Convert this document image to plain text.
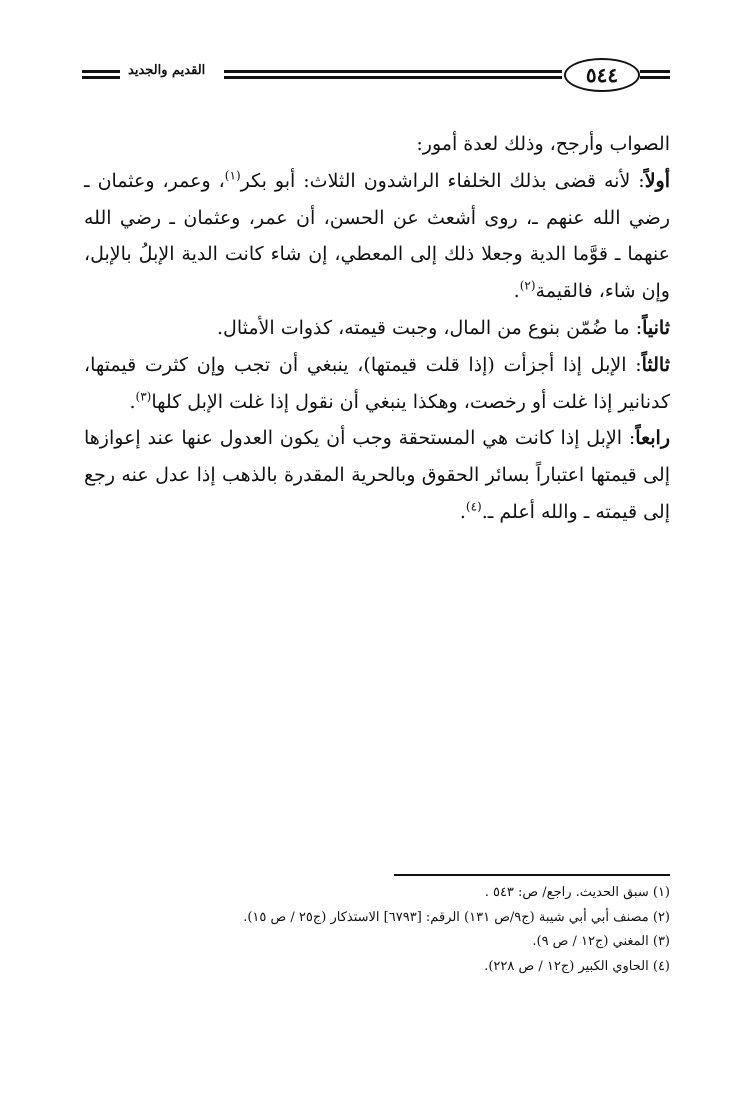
القديم والجديد	٥٤٤

الصواب وأرجح، وذلك لعدة أمور:

أولاً: لأنه قضى بذلك الخلفاء الراشدون الثلاث: أبو بكر$^{(١)}$، وعمر، وعثمان ـ رضي الله عنهم ـ، روى أشعث عن الحسن، أن عمر، وعثمان ـ رضي الله عنهما ـ قوَّما الدية وجعلا ذلك إلى المعطي، إن شاء كانت الدية الإبلُ بالإبل، وإن شاء، فالقيمة$^{(٢)}$.

ثانياً: ما ضُمّن بنوع من المال، وجبت قيمته، كذوات الأمثال.

ثالثاً: الإبل إذا أجزأت (إذا قلت قيمتها)، ينبغي أن تجب وإن كثرت قيمتها، كدنانير إذا غلت أو رخصت، وهكذا ينبغي أن نقول إذا غلت الإبل كلها$^{(٣)}$.

رابعاً: الإبل إذا كانت هي المستحقة وجب أن يكون العدول عنها عند إعوازها إلى قيمتها اعتباراً بسائر الحقوق وبالحرية المقدرة بالذهب إذا عدل عنه رجع إلى قيمته ـ والله أعلم ـ.$^{(٤)}$.

(١) سبق الحديث. راجع/ ص: ٥٤٣ .

(٢) مصنف أبي أبي شيبة (ج٩/ص ١٣١) الرقم: [٦٧٩٣] الاستذكار (ج٢٥ / ص ١٥).

(٣) المغني (ج١٢ / ص ٩).

(٤) الحاوي الكبير (ج١٢ / ص ٢٢٨).
